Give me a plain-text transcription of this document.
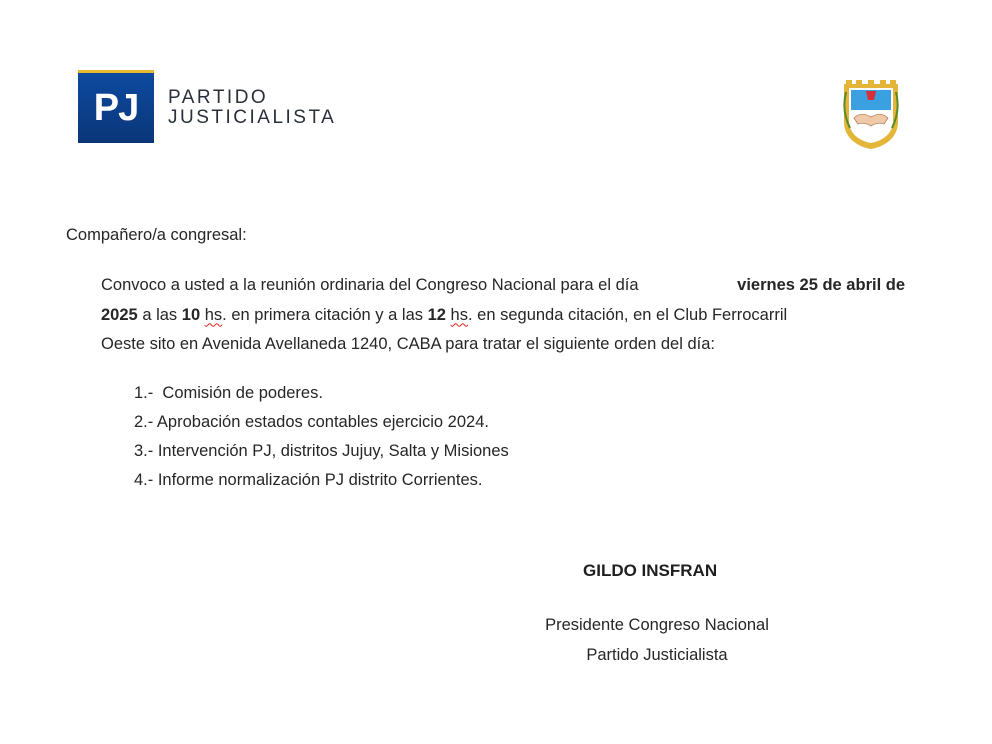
PJ	PARTIDO
JUSTICIALISTA
Compañero/a congresal:
Convoco a usted a la reunión ordinaria del Congreso Nacional para el día	viernes 25 de abril de
2025 a las 10 hs. en primera citación y a las 12 hs. en segunda citación, en el Club Ferrocarril
Oeste sito en Avenida Avellaneda 1240, CABA para tratar el siguiente orden del día:
1.-  Comisión de poderes.
2.- Aprobación estados contables ejercicio 2024.
3.- Intervención PJ, distritos Jujuy, Salta y Misiones
4.- Informe normalización PJ distrito Corrientes.
GILDO INSFRAN
Presidente Congreso Nacional
Partido Justicialista
